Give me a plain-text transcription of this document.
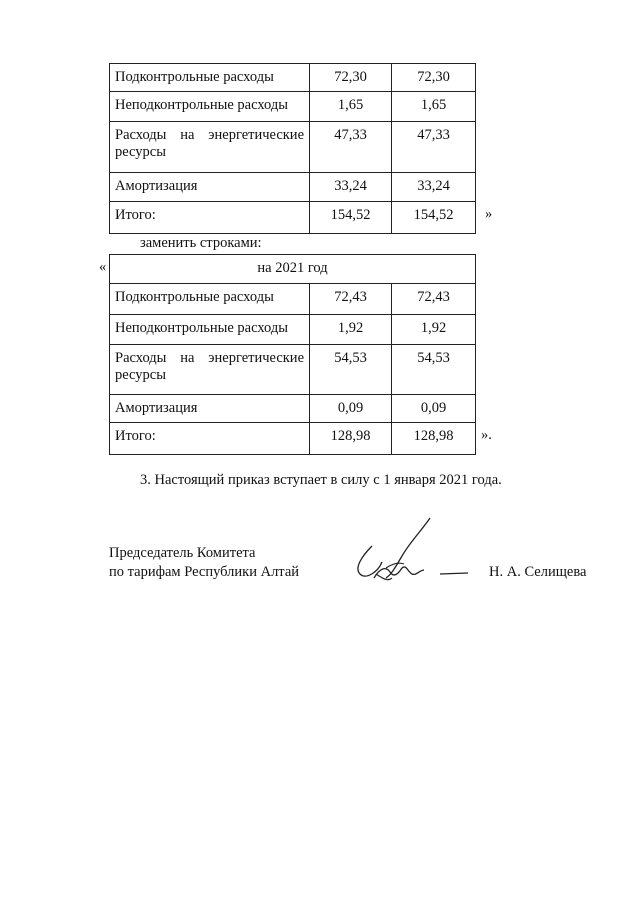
Подконтрольные расходы	72,30	72,30
Неподконтрольные расходы	1,65	1,65
Расходы на энергетические ресурсы	47,33	47,33
Амортизация	33,24	33,24
Итого:	154,52	154,52 »
заменить строками:
«	на 2021 год		
Подконтрольные расходы	72,43	72,43
Неподконтрольные расходы	1,92	1,92
Расходы на энергетические ресурсы	54,53	54,53
Амортизация	0,09	0,09
Итого:	128,98	128,98 ».
3. Настоящий приказ вступает в силу с 1 января 2021 года.
Председатель Комитета
по тарифам Республики Алтай	Н. А. Селищева
